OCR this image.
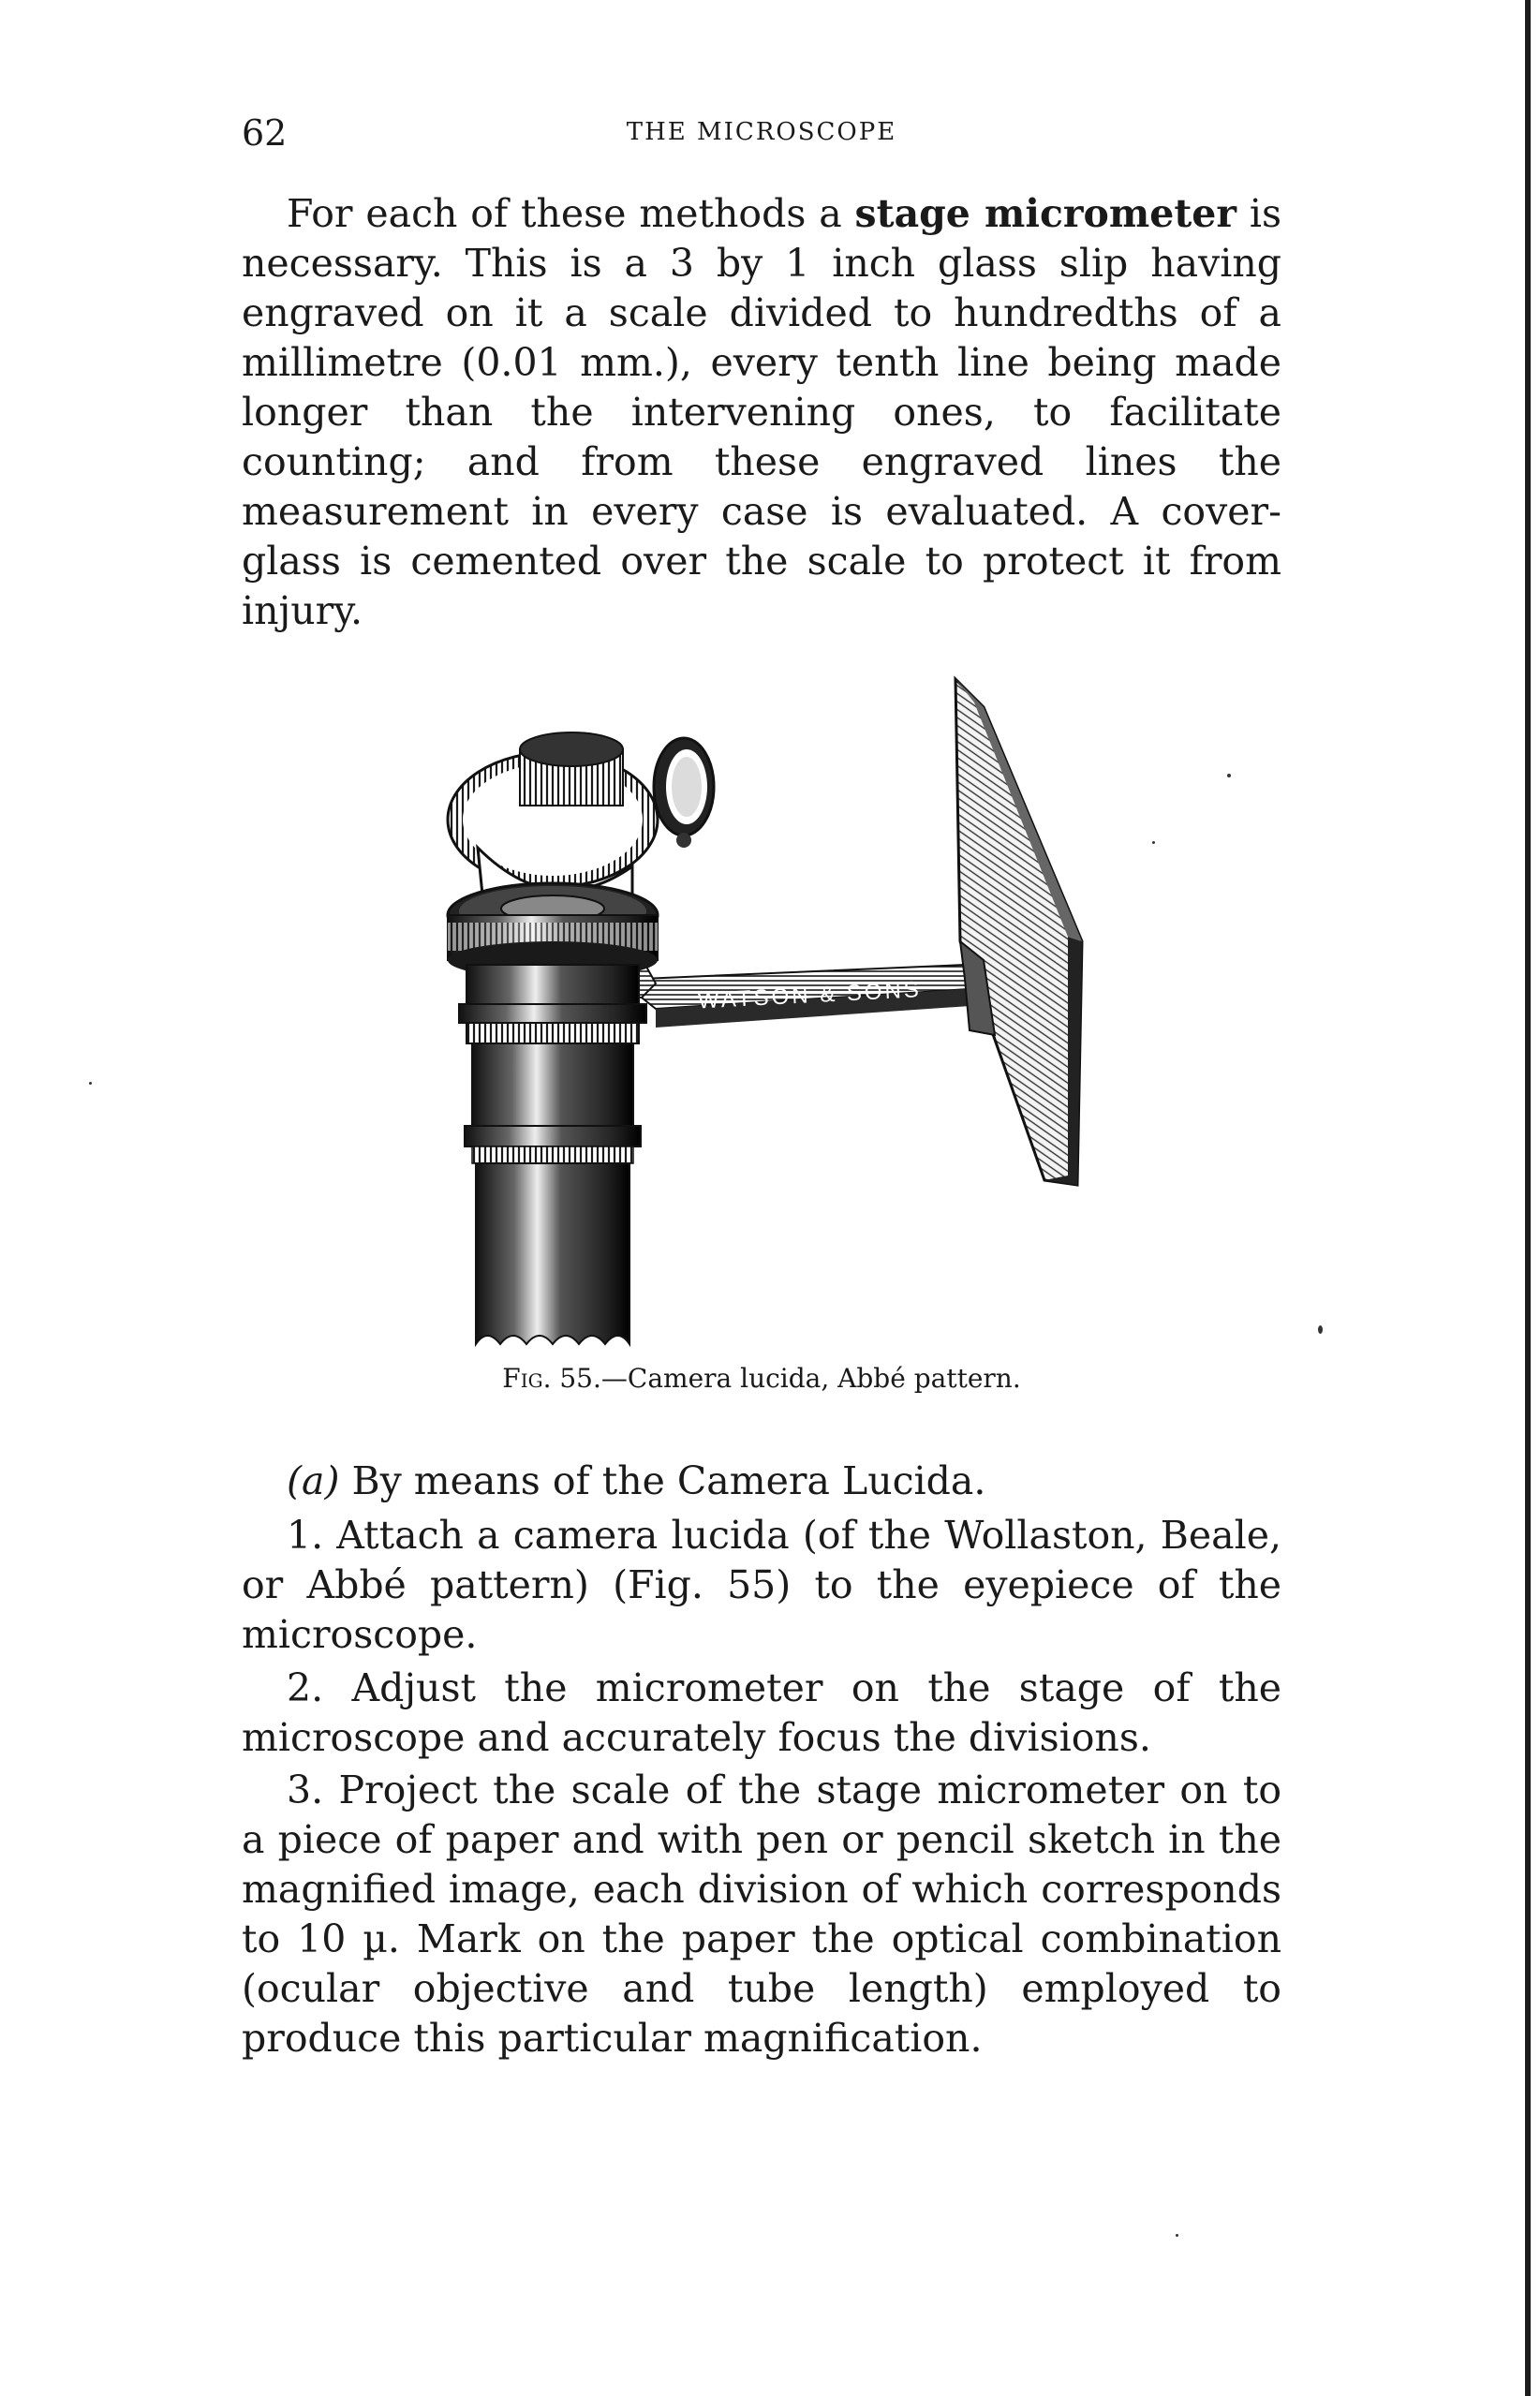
62	THE MICROSCOPE

For each of these methods a stage micrometer is necessary. This is a 3 by 1 inch glass slip having engraved on it a scale divided to hundredths of a millimetre (0.01 mm.), every tenth line being made longer than the intervening ones, to facilitate counting; and from these engraved lines the measurement in every case is evaluated. A cover-glass is cemented over the scale to protect it from injury.

WATSON & SONS
Fig. 55.—Camera lucida, Abbé pattern.

(a) By means of the Camera Lucida.

1. Attach a camera lucida (of the Wollaston, Beale, or Abbé pattern) (Fig. 55) to the eyepiece of the microscope.

2. Adjust the micrometer on the stage of the microscope and accurately focus the divisions.

3. Project the scale of the stage micrometer on to a piece of paper and with pen or pencil sketch in the magnified image, each division of which corresponds to 10 µ. Mark on the paper the optical combination (ocular objective and tube length) employed to produce this particular magnification.
